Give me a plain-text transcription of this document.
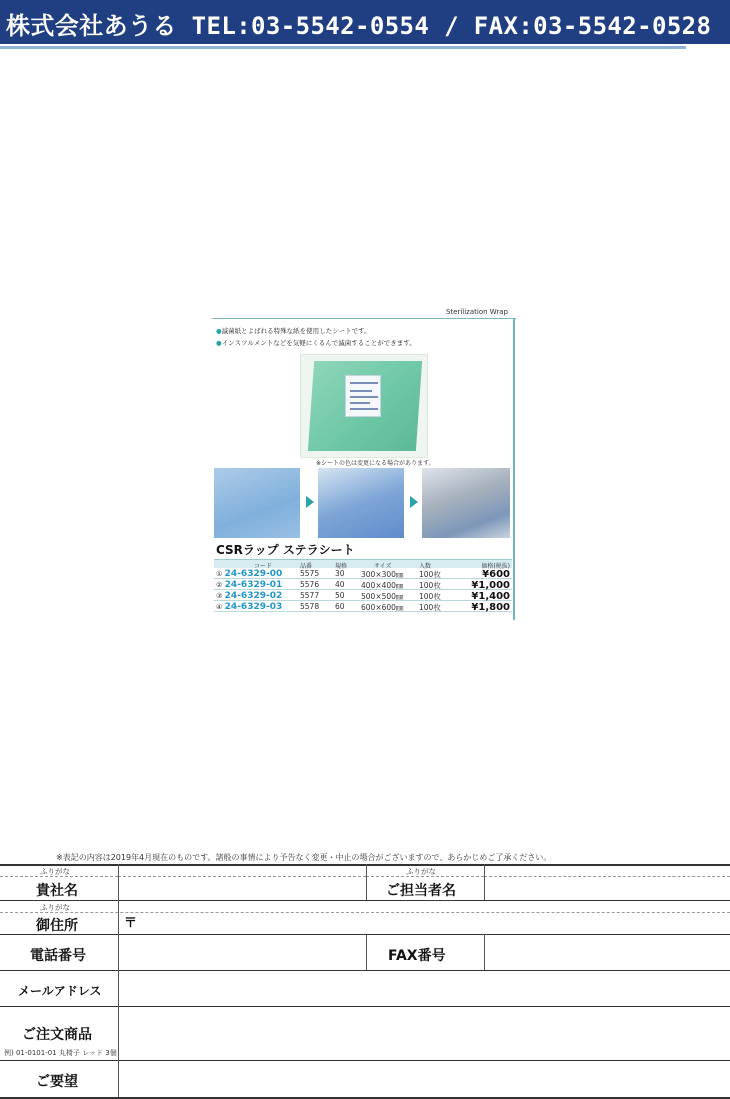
株式会社あうる TEL:03-5542-0554 / FAX:03-5542-0528
Sterilization Wrap
●滅菌紙とよばれる特殊な紙を使用したシートです。
●インスツルメントなどを気軽にくるんで滅菌することができます。
※シートの色は変更になる場合があります。
CSRラップ ステラシート
コード	品番	規格	サイズ	入数	価格(税抜)
① 24-6329-00 5575 30 300×300㎜ 100枚	¥600
② 24-6329-01 5576 40 400×400㎜ 100枚	¥1,000
③ 24-6329-02 5577 50 500×500㎜ 100枚	¥1,400
④ 24-6329-03 5578 60 600×600㎜ 100枚	¥1,800
※表記の内容は2019年4月現在のものです。諸般の事情により予告なく変更・中止の場合がございますので、あらかじめご了承ください。
ふりがな
貴社名
ふりがな
ご担当者名
ふりがな
御住所	〒
電話番号	FAX番号
メールアドレス
ご注文商品
例) 01-0101-01 丸椅子 レッド 3個
ご要望
